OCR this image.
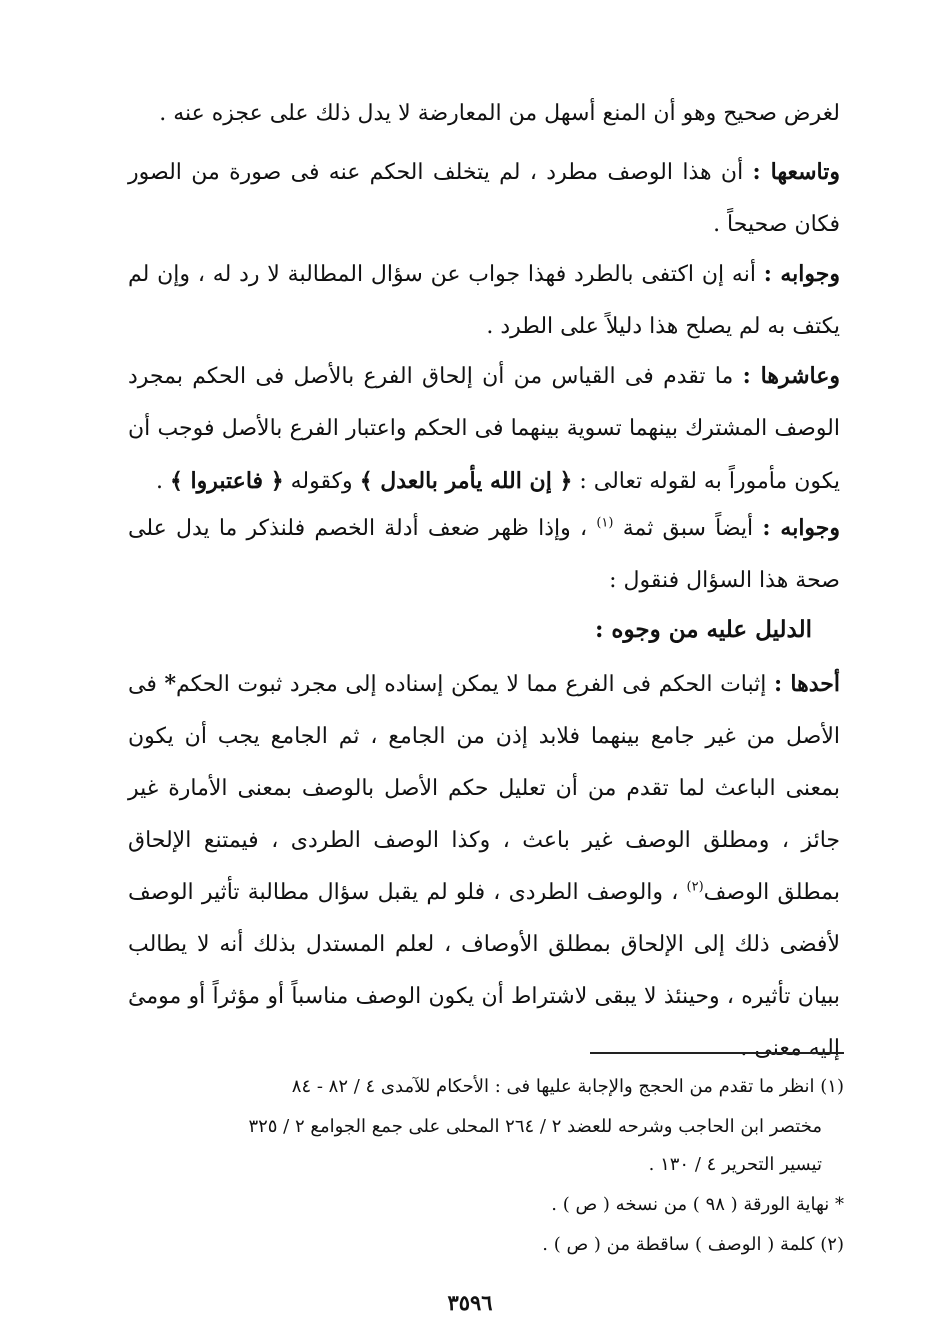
لغرض صحيح وهو أن المنع أسهل من المعارضة لا يدل ذلك على عجزه عنه .

وتاسعها : أن هذا الوصف مطرد ، لم يتخلف الحكم عنه فى صورة من الصور فكان صحيحاً .

وجوابه : أنه إن اكتفى بالطرد فهذا جواب عن سؤال المطالبة لا رد له ، وإن لم يكتف به لم يصلح هذا دليلاً على الطرد .

وعاشرها : ما تقدم فى القياس من أن إلحاق الفرع بالأصل فى الحكم بمجرد الوصف المشترك بينهما تسوية بينهما فى الحكم واعتبار الفرع بالأصل فوجب أن يكون مأموراً به لقوله تعالى : ﴿ إن الله يأمر بالعدل ﴾ وكقوله ﴿ فاعتبروا ﴾ .

وجوابه : أيضاً سبق ثمة $^{(١)}$ ، وإذا ظهر ضعف أدلة الخصم فلنذكر ما يدل على صحة هذا السؤال فنقول :

الدليل عليه من وجوه :

أحدها : إثبات الحكم فى الفرع مما لا يمكن إسناده إلى مجرد ثبوت الحكم* فى الأصل من غير جامع بينهما فلابد إذن من الجامع ، ثم الجامع يجب أن يكون بمعنى الباعث لما تقدم من أن تعليل حكم الأصل بالوصف بمعنى الأمارة غير جائز ، ومطلق الوصف غير باعث ، وكذا الوصف الطردى ، فيمتنع الإلحاق بمطلق الوصف$^{(٢)}$ ، والوصف الطردى ، فلو لم يقبل سؤال مطالبة تأثير الوصف لأفضى ذلك إلى الإلحاق بمطلق الأوصاف ، لعلم المستدل بذلك أنه لا يطالب ببيان تأثيره ، وحينئذ لا يبقى لاشتراط أن يكون الوصف مناسباً أو مؤثراً أو مومئ إليه معنى .

(١) انظر ما تقدم من الحجج والإجابة عليها فى : الأحكام للآمدى ٤ / ٨٢ - ٨٤

مختصر ابن الحاجب وشرحه للعضد ٢ / ٢٦٤ المحلى على جمع الجوامع ٢ / ٣٢٥

تيسير التحرير ٤ / ١٣٠ .

* نهاية الورقة ( ٩٨ ) من نسخه ( ص ) .

(٢) كلمة ( الوصف ) ساقطة من ( ص ) .

٣٥٩٦
